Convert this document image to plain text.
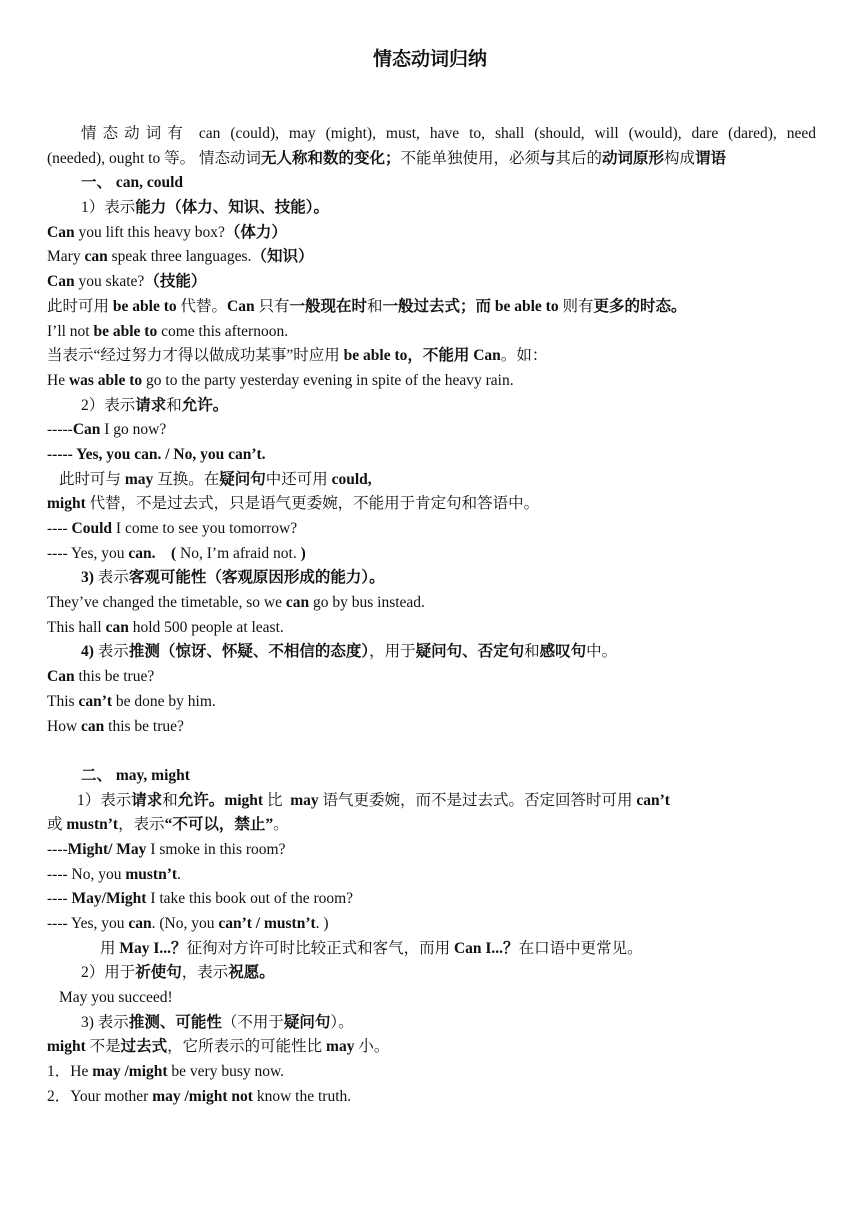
情态动词归纳
情态动词有 can (could), may (might), must, have to, shall (should, will (would), dare (dared), need
(needed), ought to 等。 情态动词无人称和数的变化；不能单独使用，必须与其后的动词原形构成谓语
一、 can, could
1）表示能力（体力、知识、技能）。
Can you lift this heavy box?（体力）
Mary can speak three languages.（知识）
Can you skate?（技能）
此时可用 be able to 代替。Can 只有一般现在时和一般过去式；而 be able to 则有更多的时态。
I’ll not be able to come this afternoon.
当表示“经过努力才得以做成功某事”时应用 be able to，不能用 Can。如：
He was able to go to the party yesterday evening in spite of the heavy rain.
2）表示请求和允许。
-----Can I go now?
----- Yes, you can. / No, you can’t.
此时可与 may 互换。在疑问句中还可用 could,
might 代替，不是过去式，只是语气更委婉，不能用于肯定句和答语中。
---- Could I come to see you tomorrow?
---- Yes, you can. ( No, I’m afraid not. )
3) 表示客观可能性（客观原因形成的能力）。
They’ve changed the timetable, so we can go by bus instead.
This hall can hold 500 people at least.
4) 表示推测（惊讶、怀疑、不相信的态度），用于疑问句、否定句和感叹句中。
Can this be true?
This can’t be done by him.
How can this be true?
二、 may, might
1）表示请求和允许。might 比  may 语气更委婉，而不是过去式。否定回答时可用 can’t
或 mustn’t，表示“不可以，禁止”。
----Might/ May I smoke in this room?
---- No, you mustn’t.
---- May/Might I take this book out of the room?
---- Yes, you can. (No, you can’t / mustn’t. )
用 May I...？征徇对方许可时比较正式和客气，而用 Can I...？在口语中更常见。
2）用于祈使句，表示祝愿。
May you succeed!
3) 表示推测、可能性（不用于疑问句）。
might 不是过去式，它所表示的可能性比 may 小。
1．He may /might be very busy now.
2．Your mother may /might not know the truth.
